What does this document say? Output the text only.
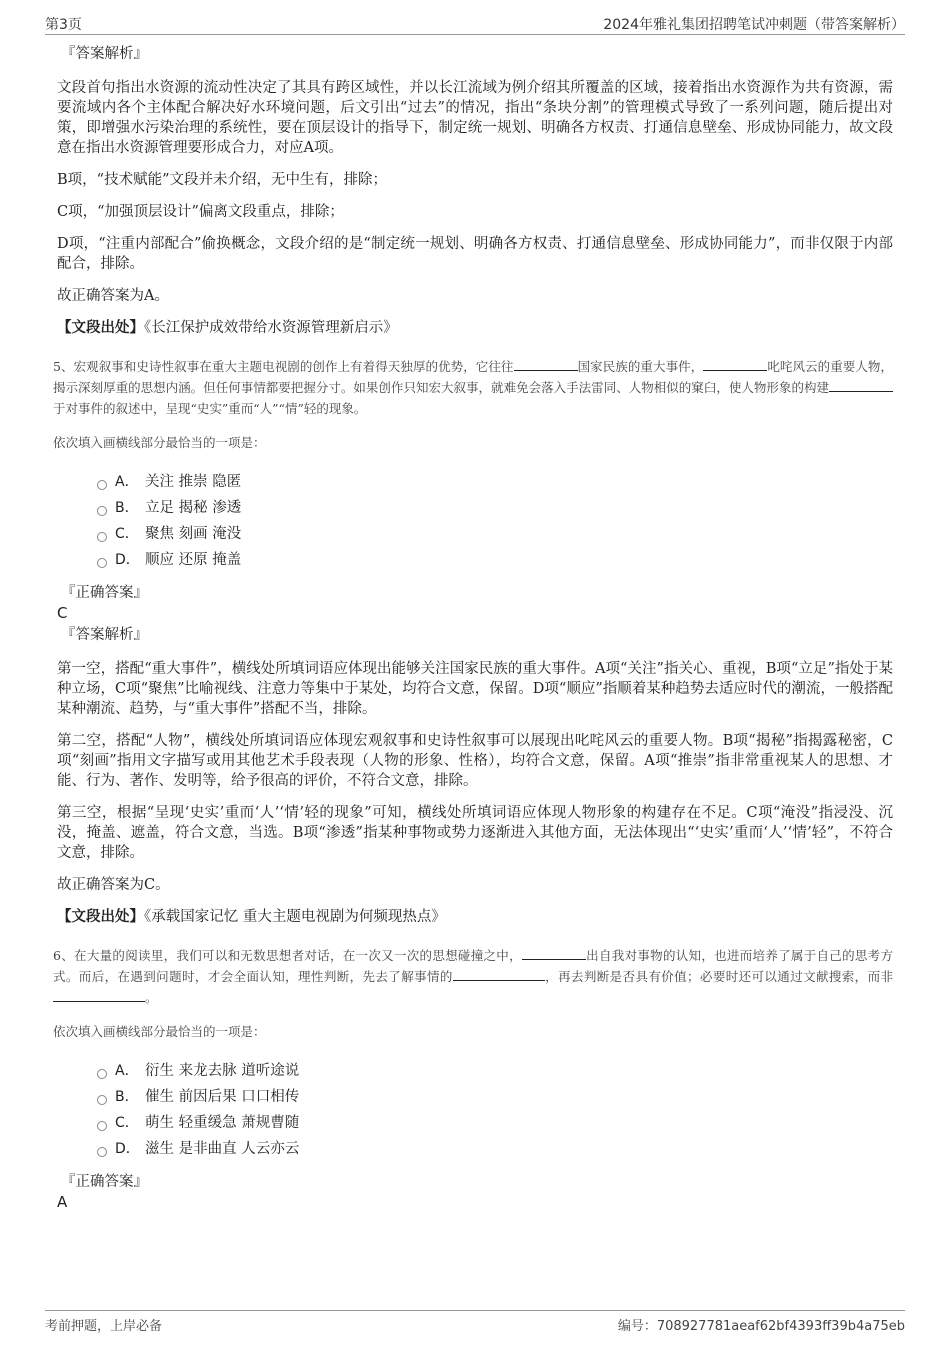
第3页	2024年雅礼集团招聘笔试冲刺题（带答案解析）
『答案解析』

文段首句指出水资源的流动性决定了其具有跨区域性，并以长江流域为例介绍其所覆盖的区域，接着指出水资源作为共有资源，需要流域内各个主体配合解决好水环境问题，后文引出“过去”的情况，指出“条块分割”的管理模式导致了一系列问题，随后提出对策，即增强水污染治理的系统性，要在顶层设计的指导下，制定统一规划、明确各方权责、打通信息壁垒、形成协同能力，故文段意在指出水资源管理要形成合力，对应A项。

B项，“技术赋能”文段并未介绍，无中生有，排除；

C项，“加强顶层设计”偏离文段重点，排除；

D项，“注重内部配合”偷换概念，文段介绍的是“制定统一规划、明确各方权责、打通信息壁垒、形成协同能力”，而非仅限于内部配合，排除。

故正确答案为A。

【文段出处】《长江保护成效带给水资源管理新启示》

5、宏观叙事和史诗性叙事在重大主题电视剧的创作上有着得天独厚的优势，它往往	国家民族的重大事件，	叱咤风云的重要人物，揭示深刻厚重的思想内涵。但任何事情都要把握分寸。如果创作只知宏大叙事，就难免会落入手法雷同、人物相似的窠臼，使人物形象的构建于对事件的叙述中，呈现“史实”重而“人”“情”轻的现象。

依次填入画横线部分最恰当的一项是：

A． 关注 推崇 隐匿
B． 立足 揭秘 渗透
C． 聚焦 刻画 淹没
D． 顺应 还原 掩盖
『正确答案』
C
『答案解析』

第一空，搭配“重大事件”，横线处所填词语应体现出能够关注国家民族的重大事件。A项“关注”指关心、重视，B项“立足”指处于某种立场，C项“聚焦”比喻视线、注意力等集中于某处，均符合文意，保留。D项“顺应”指顺着某种趋势去适应时代的潮流，一般搭配某种潮流、趋势，与“重大事件”搭配不当，排除。

第二空，搭配“人物”，横线处所填词语应体现宏观叙事和史诗性叙事可以展现出叱咤风云的重要人物。B项“揭秘”指揭露秘密，C项“刻画”指用文字描写或用其他艺术手段表现（人物的形象、性格），均符合文意，保留。A项“推崇”指非常重视某人的思想、才能、行为、著作、发明等，给予很高的评价，不符合文意，排除。

第三空，根据“呈现‘史实’重而‘人’‘情’轻的现象”可知，横线处所填词语应体现人物形象的构建存在不足。C项“淹没”指浸没、沉没，掩盖、遮盖，符合文意，当选。B项“渗透”指某种事物或势力逐渐进入其他方面，无法体现出“‘史实’重而‘人’‘情’轻”，不符合文意，排除。

故正确答案为C。

【文段出处】《承载国家记忆 重大主题电视剧为何频现热点》

6、在大量的阅读里，我们可以和无数思想者对话，在一次又一次的思想碰撞之中，	出自我对事物的认知，也进而培养了属于自己的思考方式。而后，在遇到问题时，才会全面认知，理性判断，先去了解事情的	，再去判断是否具有价值；必要时还可以通过文献搜索，而非。

依次填入画横线部分最恰当的一项是：

A． 衍生 来龙去脉 道听途说
B． 催生 前因后果 口口相传
C． 萌生 轻重缓急 萧规曹随
D． 滋生 是非曲直 人云亦云
『正确答案』
A
考前押题，上岸必备	编号：708927781aeaf62bf4393ff39b4a75eb
